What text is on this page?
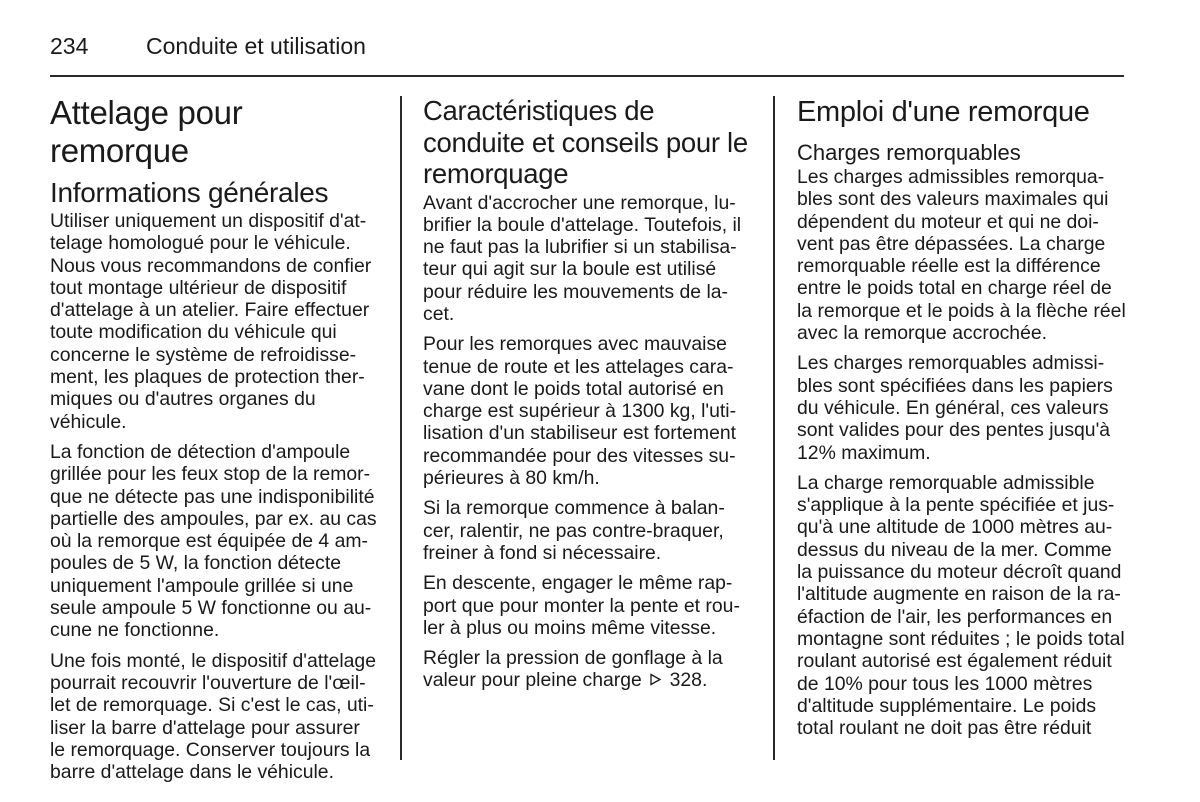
234	Conduite et utilisation
Attelage pour remorque
Informations générales

Utiliser uniquement un dispositif d'at-
telage homologué pour le véhicule.
Nous vous recommandons de confier
tout montage ultérieur de dispositif
d'attelage à un atelier. Faire effectuer
toute modification du véhicule qui
concerne le système de refroidisse-
ment, les plaques de protection ther-
miques ou d'autres organes du
véhicule.

La fonction de détection d'ampoule
grillée pour les feux stop de la remor-
que ne détecte pas une indisponibilité
partielle des ampoules, par ex. au cas
où la remorque est équipée de 4 am-
poules de 5 W, la fonction détecte
uniquement l'ampoule grillée si une
seule ampoule 5 W fonctionne ou au-
cune ne fonctionne.

Une fois monté, le dispositif d'attelage
pourrait recouvrir l'ouverture de l'œil-
let de remorquage. Si c'est le cas, uti-
liser la barre d'attelage pour assurer
le remorquage. Conserver toujours la
barre d'attelage dans le véhicule.

Caractéristiques de
conduite et conseils pour le
remorquage

Avant d'accrocher une remorque, lu-
brifier la boule d'attelage. Toutefois, il
ne faut pas la lubrifier si un stabilisa-
teur qui agit sur la boule est utilisé
pour réduire les mouvements de la-
cet.

Pour les remorques avec mauvaise
tenue de route et les attelages cara-
vane dont le poids total autorisé en
charge est supérieur à 1300 kg, l'uti-
lisation d'un stabiliseur est fortement
recommandée pour des vitesses su-
périeures à 80 km/h.

Si la remorque commence à balan-
cer, ralentir, ne pas contre-braquer,
freiner à fond si nécessaire.

En descente, engager le même rap-
port que pour monter la pente et rou-
ler à plus ou moins même vitesse.

Régler la pression de gonflage à la
valeur pour pleine charge 328.

Emploi d'une remorque
Charges remorquables

Les charges admissibles remorqua-
bles sont des valeurs maximales qui
dépendent du moteur et qui ne doi-
vent pas être dépassées. La charge
remorquable réelle est la différence
entre le poids total en charge réel de
la remorque et le poids à la flèche réel
avec la remorque accrochée.

Les charges remorquables admissi-
bles sont spécifiées dans les papiers
du véhicule. En général, ces valeurs
sont valides pour des pentes jusqu'à
12% maximum.

La charge remorquable admissible
s'applique à la pente spécifiée et jus-
qu'à une altitude de 1000 mètres au-
dessus du niveau de la mer. Comme
la puissance du moteur décroît quand
l'altitude augmente en raison de la ra-
éfaction de l'air, les performances en
montagne sont réduites ; le poids total
roulant autorisé est également réduit
de 10% pour tous les 1000 mètres
d'altitude supplémentaire. Le poids
total roulant ne doit pas être réduit
